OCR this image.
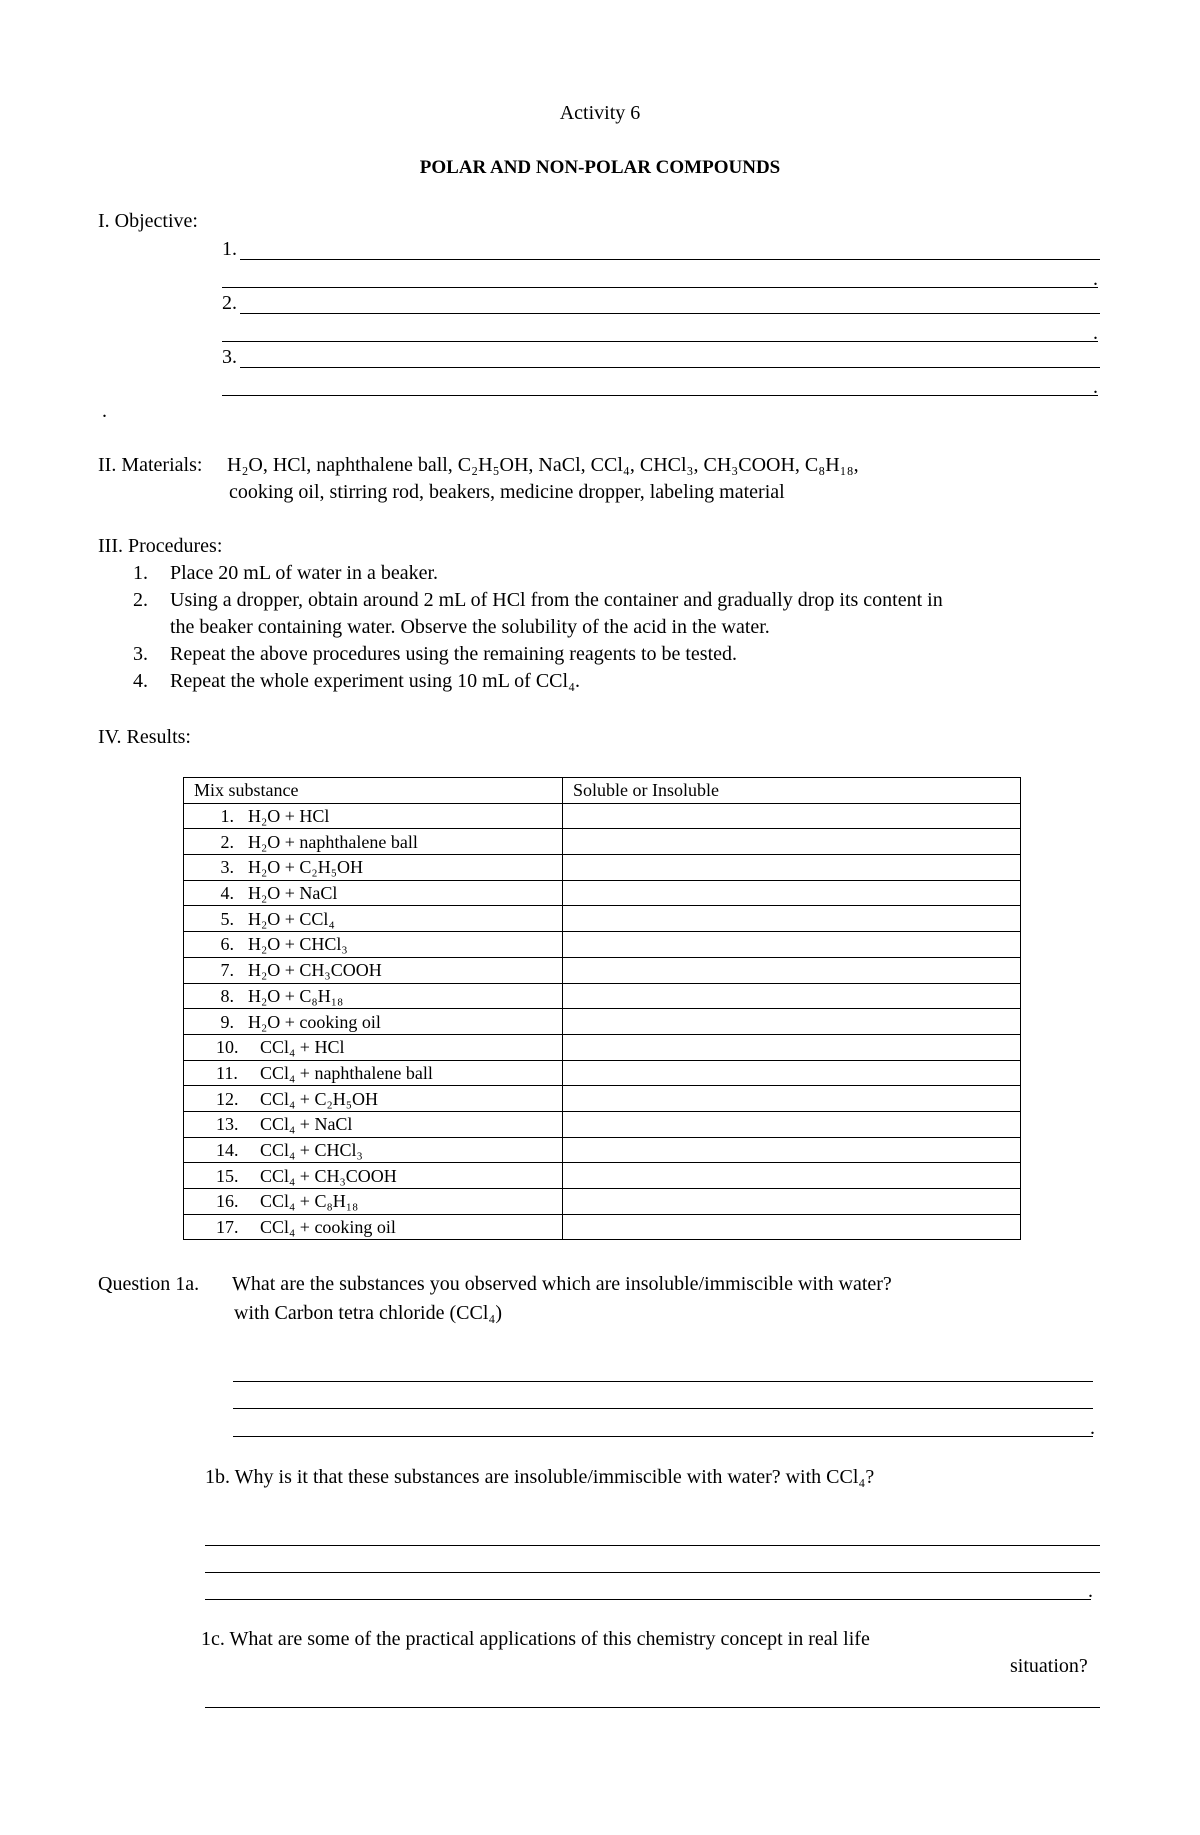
Activity 6
POLAR AND NON-POLAR COMPOUNDS
I. Objective:
1.
.
2.
.
3.
.
.
II. Materials: H₂O, HCl, naphthalene ball, C₂H₅OH, NaCl, CCl₄, CHCl₃, CH₃COOH, C₈H₁₈,
cooking oil, stirring rod, beakers, medicine dropper, labeling material
III. Procedures:
1. Place 20 mL of water in a beaker.
2. Using a dropper, obtain around 2 mL of HCl from the container and gradually drop its content in
the beaker containing water. Observe the solubility of the acid in the water.
3. Repeat the above procedures using the remaining reagents to be tested.
4. Repeat the whole experiment using 10 mL of CCl₄.
IV. Results:
Mix substance	Soluble or Insoluble
1. H₂O + HCl	
2. H₂O + naphthalene ball	
3. H₂O + C₂H₅OH	
4. H₂O + NaCl	
5. H₂O + CCl₄	
6. H₂O + CHCl₃	
7. H₂O + CH₃COOH	
8. H₂O + C₈H₁₈	
9. H₂O + cooking oil	
10. CCl₄ + HCl	
11. CCl₄ + naphthalene ball	
12. CCl₄ + C₂H₅OH	
13. CCl₄ + NaCl	
14. CCl₄ + CHCl₃	
15. CCl₄ + CH₃COOH	
16. CCl₄ + C₈H₁₈	
17. CCl₄ + cooking oil	
Question 1a. What are the substances you observed which are insoluble/immiscible with water?
with Carbon tetra chloride (CCl₄)
.
1b. Why is it that these substances are insoluble/immiscible with water? with CCl₄?
.
1c. What are some of the practical applications of this chemistry concept in real life
situation?
